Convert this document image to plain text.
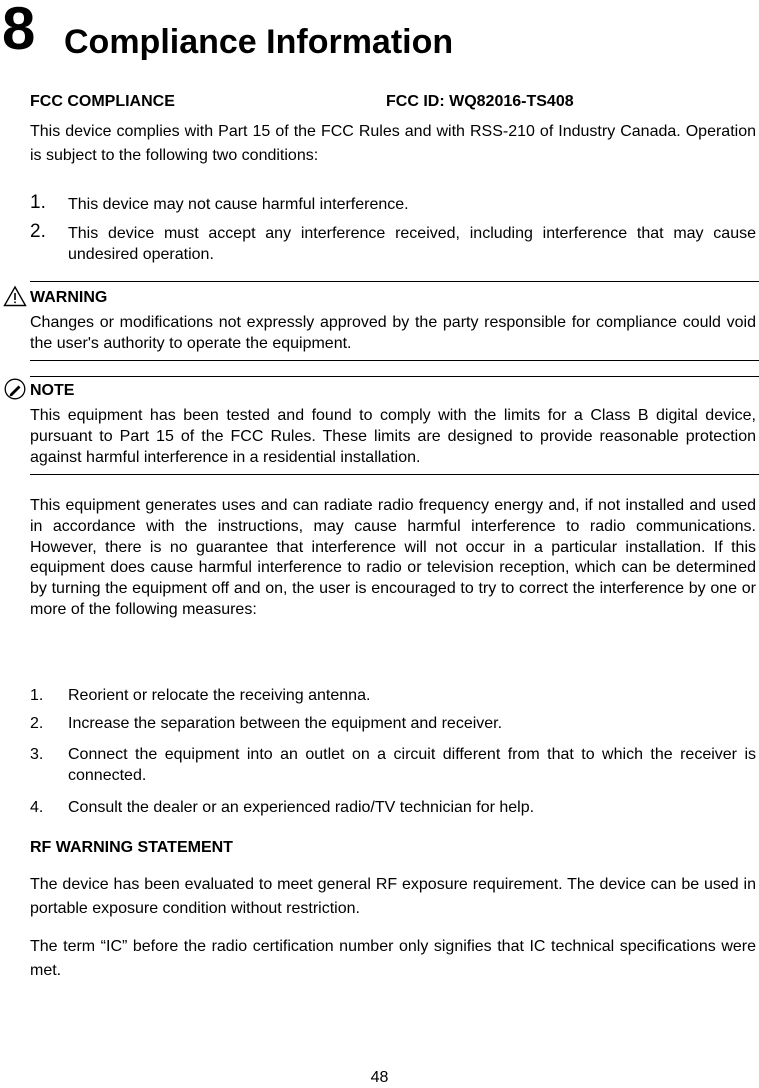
8 Compliance Information
FCC COMPLIANCE	FCC ID: WQ82016-TS408
This device complies with Part 15 of the FCC Rules and with RSS-210 of Industry Canada. Operation is subject to the following two conditions:
1. This device may not cause harmful interference.
2. This device must accept any interference received, including interference that may cause undesired operation.
WARNING
Changes or modifications not expressly approved by the party responsible for compliance could void the user's authority to operate the equipment.
NOTE
This equipment has been tested and found to comply with the limits for a Class B digital device, pursuant to Part 15 of the FCC Rules. These limits are designed to provide reasonable protection against harmful interference in a residential installation.
This equipment generates uses and can radiate radio frequency energy and, if not installed and used in accordance with the instructions, may cause harmful interference to radio communications. However, there is no guarantee that interference will not occur in a particular installation. If this equipment does cause harmful interference to radio or television reception, which can be determined by turning the equipment off and on, the user is encouraged to try to correct the interference by one or more of the following measures:
1. Reorient or relocate the receiving antenna.
2. Increase the separation between the equipment and receiver.
3. Connect the equipment into an outlet on a circuit different from that to which the receiver is connected.
4. Consult the dealer or an experienced radio/TV technician for help.
RF WARNING STATEMENT
The device has been evaluated to meet general RF exposure requirement. The device can be used in portable exposure condition without restriction.
The term “IC” before the radio certification number only signifies that IC technical specifications were met.
48
